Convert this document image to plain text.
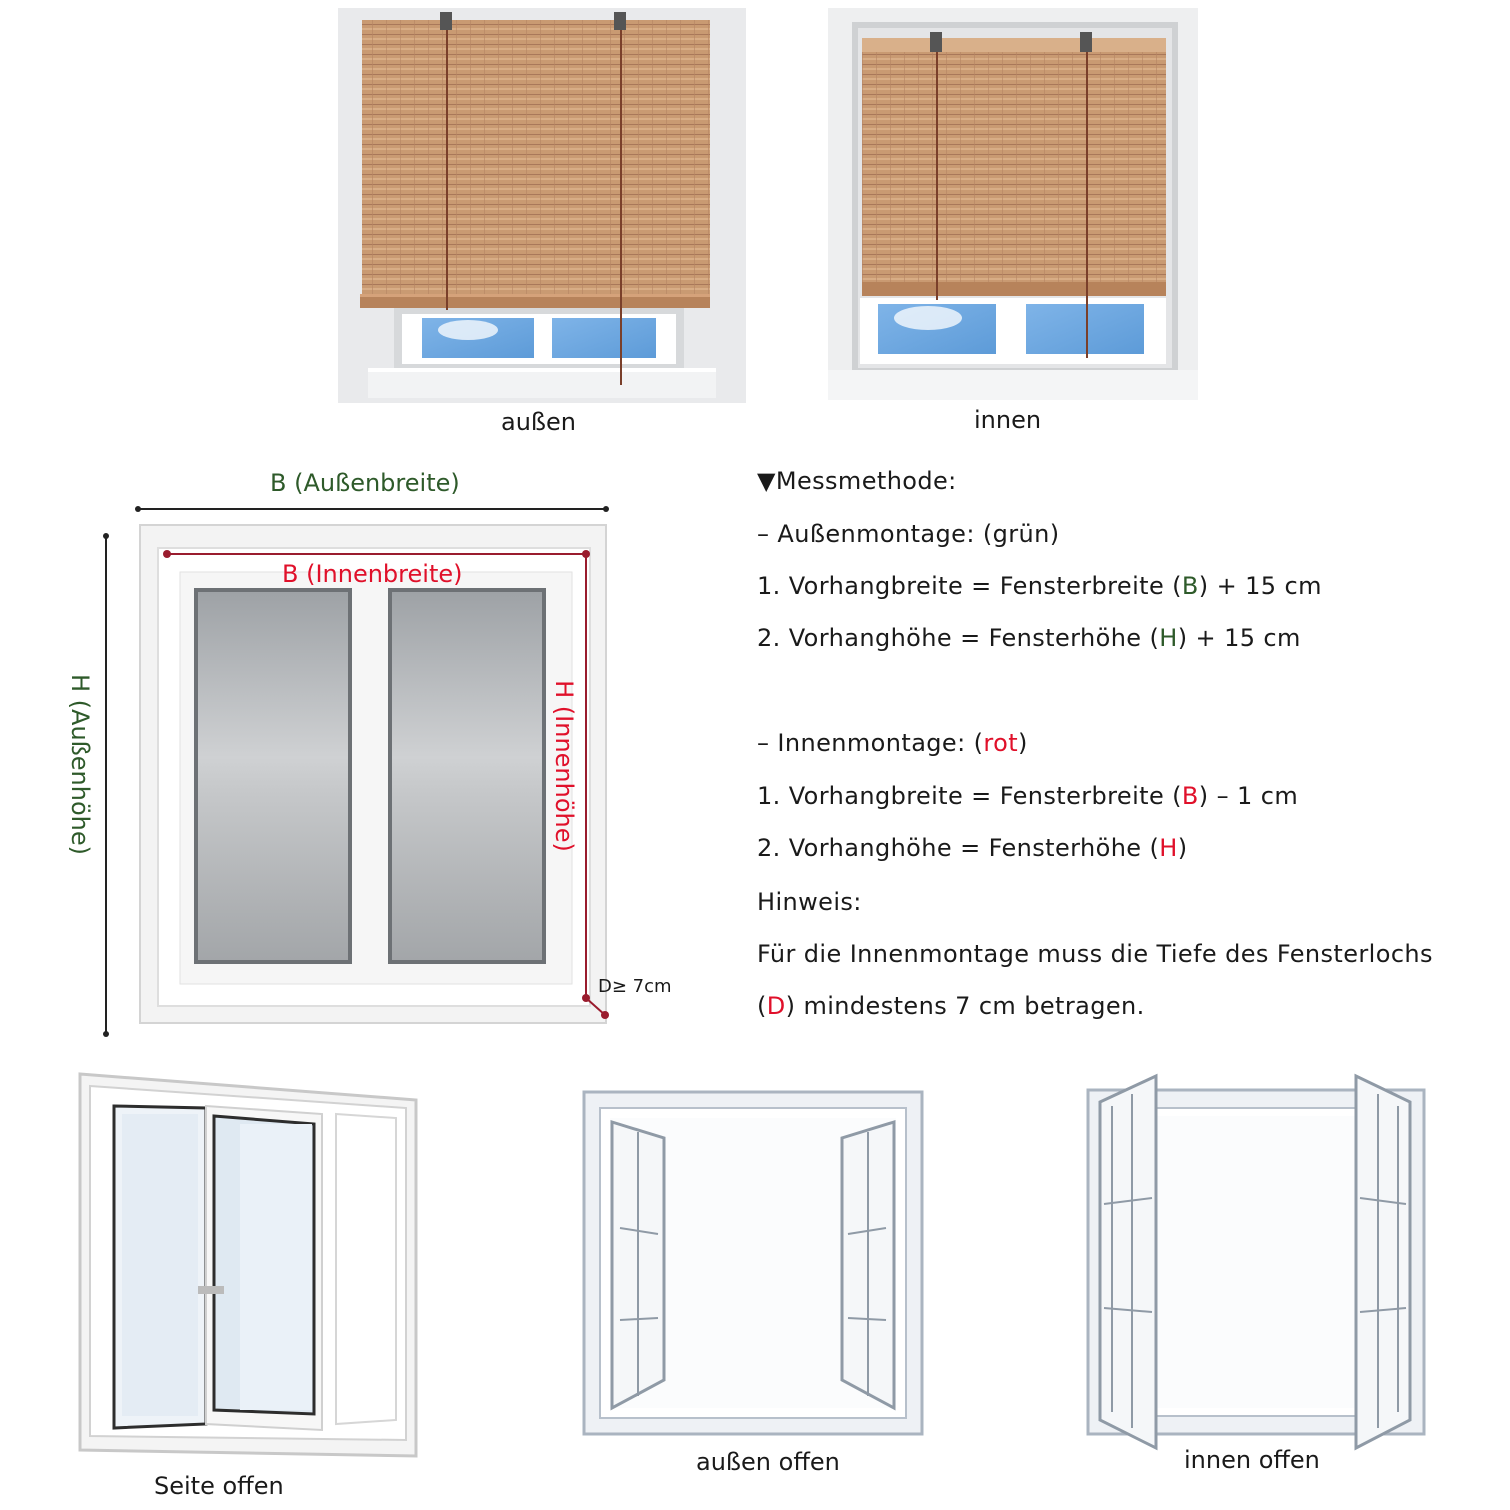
außen	innen
B (Außenbreite)
B (Innenbreite)
H (Außenhöhe)	H (Innenhöhe)
D≥ 7cm
▼Messmethode:
– Außenmontage: (grün)
1. Vorhangbreite = Fensterbreite (B) + 15 cm
2. Vorhanghöhe = Fensterhöhe (H) + 15 cm
– Innenmontage: (rot)
1. Vorhangbreite = Fensterbreite (B) – 1 cm
2. Vorhanghöhe = Fensterhöhe (H)
Hinweis:
Für die Innenmontage muss die Tiefe des Fensterlochs
(D) mindestens 7 cm betragen.
Seite offen
außen offen	innen offen
